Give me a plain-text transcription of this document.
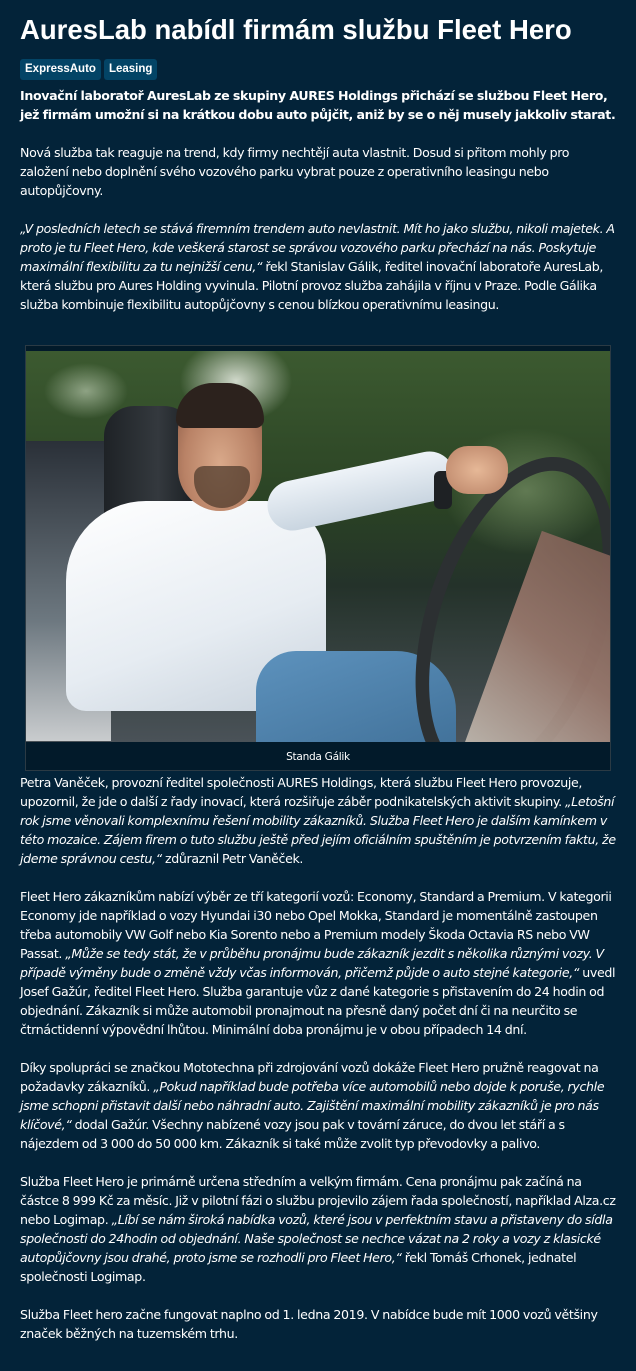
AuresLab nabídl firmám službu Fleet Hero
ExpressAuto	Leasing

Inovační laboratoř AuresLab ze skupiny AURES Holdings přichází se službou Fleet Hero, jež firmám umožní si na krátkou dobu auto půjčit, aniž by se o něj musely jakkoliv starat.

Nová služba tak reaguje na trend, kdy firmy nechtějí auta vlastnit. Dosud si přitom mohly pro založení nebo doplnění svého vozového parku vybrat pouze z operativního leasingu nebo autopůjčovny.

„V posledních letech se stává firemním trendem auto nevlastnit. Mít ho jako službu, nikoli majetek. A proto je tu Fleet Hero, kde veškerá starost se správou vozového parku přechází na nás. Poskytuje maximální flexibilitu za tu nejnižší cenu,“ řekl Stanislav Gálik, ředitel inovační laboratoře AuresLab, která službu pro Aures Holding vyvinula. Pilotní provoz služba zahájila v říjnu v Praze. Podle Gálika služba kombinuje flexibilitu autopůjčovny s cenou blízkou operativnímu leasingu.

Standa Gálik

Petra Vaněček, provozní ředitel společnosti AURES Holdings, která službu Fleet Hero provozuje, upozornil, že jde o další z řady inovací, která rozšiřuje záběr podnikatelských aktivit skupiny. „Letošní rok jsme věnovali komplexnímu řešení mobility zákazníků. Služba Fleet Hero je dalším kamínkem v této mozaice. Zájem firem o tuto službu ještě před jejím oficiálním spuštěním je potvrzením faktu, že jdeme správnou cestu,“ zdůraznil Petr Vaněček.

Fleet Hero zákazníkům nabízí výběr ze tří kategorií vozů: Economy, Standard a Premium. V kategorii Economy jde například o vozy Hyundai i30 nebo Opel Mokka, Standard je momentálně zastoupen třeba automobily VW Golf nebo Kia Sorento nebo a Premium modely Škoda Octavia RS nebo VW Passat. „Může se tedy stát, že v průběhu pronájmu bude zákazník jezdit s několika různými vozy. V případě výměny bude o změně vždy včas informován, přičemž půjde o auto stejné kategorie,“ uvedl Josef Gažúr, ředitel Fleet Hero. Služba garantuje vůz z dané kategorie s přistavením do 24 hodin od objednání. Zákazník si může automobil pronajmout na přesně daný počet dní či na neurčito se čtrnáctidenní výpovědní lhůtou. Minimální doba pronájmu je v obou případech 14 dní.

Díky spolupráci se značkou Mototechna při zdrojování vozů dokáže Fleet Hero pružně reagovat na požadavky zákazníků. „Pokud například bude potřeba více automobilů nebo dojde k poruše, rychle jsme schopni přistavit další nebo náhradní auto. Zajištění maximální mobility zákazníků je pro nás klíčové,“ dodal Gažúr. Všechny nabízené vozy jsou pak v tovární záruce, do dvou let stáří a s nájezdem od 3 000 do 50 000 km. Zákazník si také může zvolit typ převodovky a palivo.

Služba Fleet Hero je primárně určena středním a velkým firmám. Cena pronájmu pak začíná na částce 8 999 Kč za měsíc. Již v pilotní fázi o službu projevilo zájem řada společností, například Alza.cz nebo Logimap. „Líbí se nám široká nabídka vozů, které jsou v perfektním stavu a přistaveny do sídla společnosti do 24hodin od objednání. Naše společnost se nechce vázat na 2 roky a vozy z klasické autopůjčovny jsou drahé, proto jsme se rozhodli pro Fleet Hero,“ řekl Tomáš Crhonek, jednatel společnosti Logimap.

Služba Fleet hero začne fungovat naplno od 1. ledna 2019. V nabídce bude mít 1000 vozů většiny značek běžných na tuzemském trhu.
